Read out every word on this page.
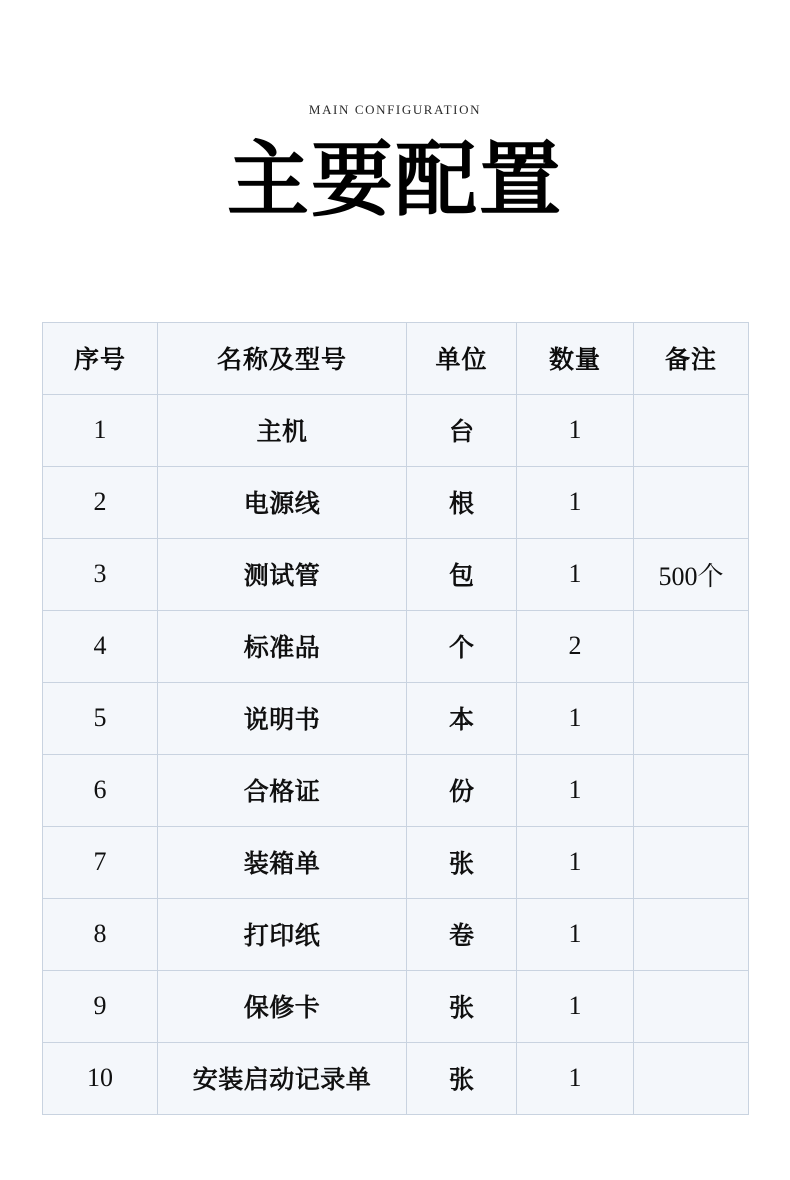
MAIN CONFIGURATION
主要配置
序号	名称及型号	单位	数量	备注
1	主机	台	1	
2	电源线	根	1	
3	测试管	包	1	500个
4	标准品	个	2	
5	说明书	本	1	
6	合格证	份	1	
7	装箱单	张	1	
8	打印纸	卷	1	
9	保修卡	张	1	
10	安装启动记录单	张	1	
